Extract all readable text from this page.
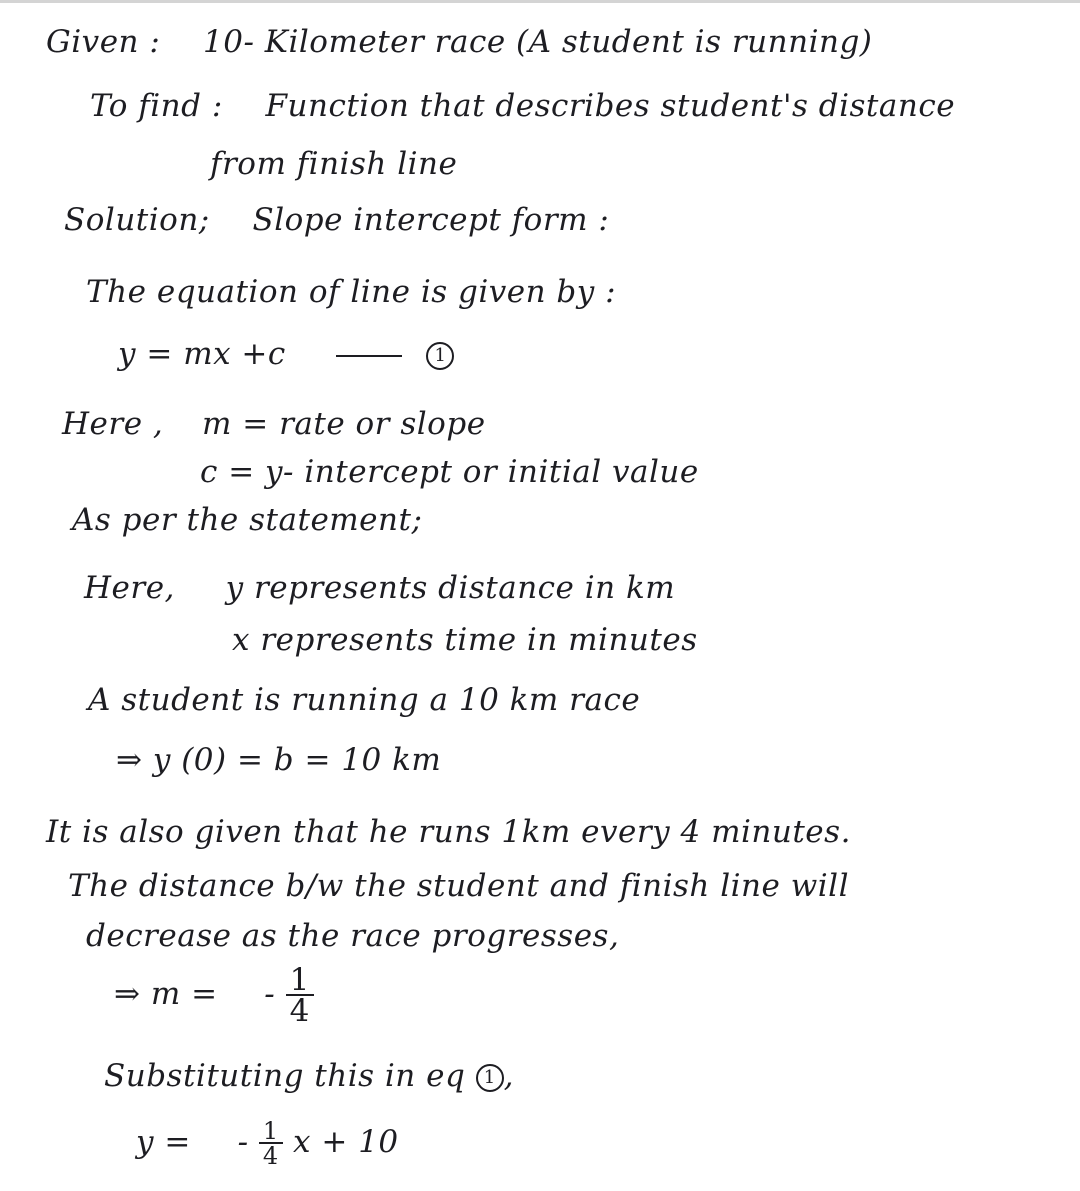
Given : 10- Kilometer race (A student is running)
To find : Function that describes student's distance
from finish line
Solution; Slope intercept form :
The equation of line is given by :
y = mx +c	1
Here , m = rate or slope
c = y- intercept or initial value
As per the statement;
Here, y represents distance in km
x represents time in minutes
A student is running a 10 km race
⇒ y (0) = b = 10 km
It is also given that he runs 1km every 4 minutes.
The distance b/w the student and finish line will
decrease as the race progresses,
⇒ m = - $\frac{1}{4}$
Substituting this in eq 1 ,
y = - $\frac{1}{4}$ x + 10
